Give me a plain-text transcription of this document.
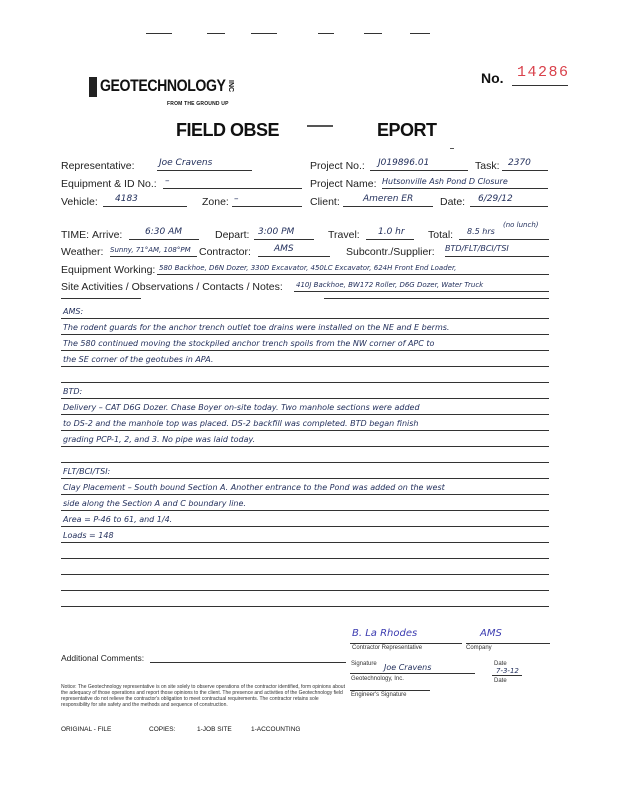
GEOTECHNOLOGY INC
FROM THE GROUND UP
No. 14286
FIELD OBSE	EPORT
Representative:	Joe Cravens	Project No.: J019896.01	Task: 2370
Equipment & ID No.: –	Project Name: Hutsonville Ash Pond D Closure
Vehicle: 4183	Zone: –	Client:	Ameren ER	Date: 6/29/12
TIME: Arrive:	6:30 AM	Depart: 3:00 PM	Travel: 1.0 hr Total: 8.5 hrs
(no lunch)
Weather: Sunny, 71°AM, 108°PM Contractor:	AMS	Subcontr./Supplier: BTD/FLT/BCI/TSI
Equipment Working: 580 Backhoe, D6N Dozer, 330D Excavator, 450LC Excavator, 624H Front End Loader,
Site Activities / Observations / Contacts / Notes: 410J Backhoe, BW172 Roller, D6G Dozer, Water Truck
AMS:
The rodent guards for the anchor trench outlet toe drains were installed on the NE and E berms.
The 580 continued moving the stockpiled anchor trench spoils from the NW corner of APC to
the SE corner of the geotubes in APA.
BTD:
Delivery – CAT D6G Dozer. Chase Boyer on-site today. Two manhole sections were added
to DS-2 and the manhole top was placed. DS-2 backfill was completed. BTD began finish
grading PCP-1, 2, and 3. No pipe was laid today.
FLT/BCI/TSI:
Clay Placement – South bound Section A. Another entrance to the Pond was added on the west
side along the Section A and C boundary line.
Area = P-46 to 61, and 1/4.
Loads = 148
B. La Rhodes	AMS
Contractor Representative	Company
Additional Comments:
Signature Joe Cravens	Date
7-3-12
Geotechnology, Inc.
Engineer's Signature
Date
Notice: The Geotechnology representative is on site solely to observe operations of the contractor identified, form opinions about the adequacy of those operations and report those opinions to the client. The presence and activities of the Geotechnology field representative do not relieve the contractor's obligation to meet contractual requirements. The contractor retains sole responsibility for site safety and the methods and sequence of construction.
ORIGINAL - FILE	COPIES:	1-JOB SITE	1-ACCOUNTING
